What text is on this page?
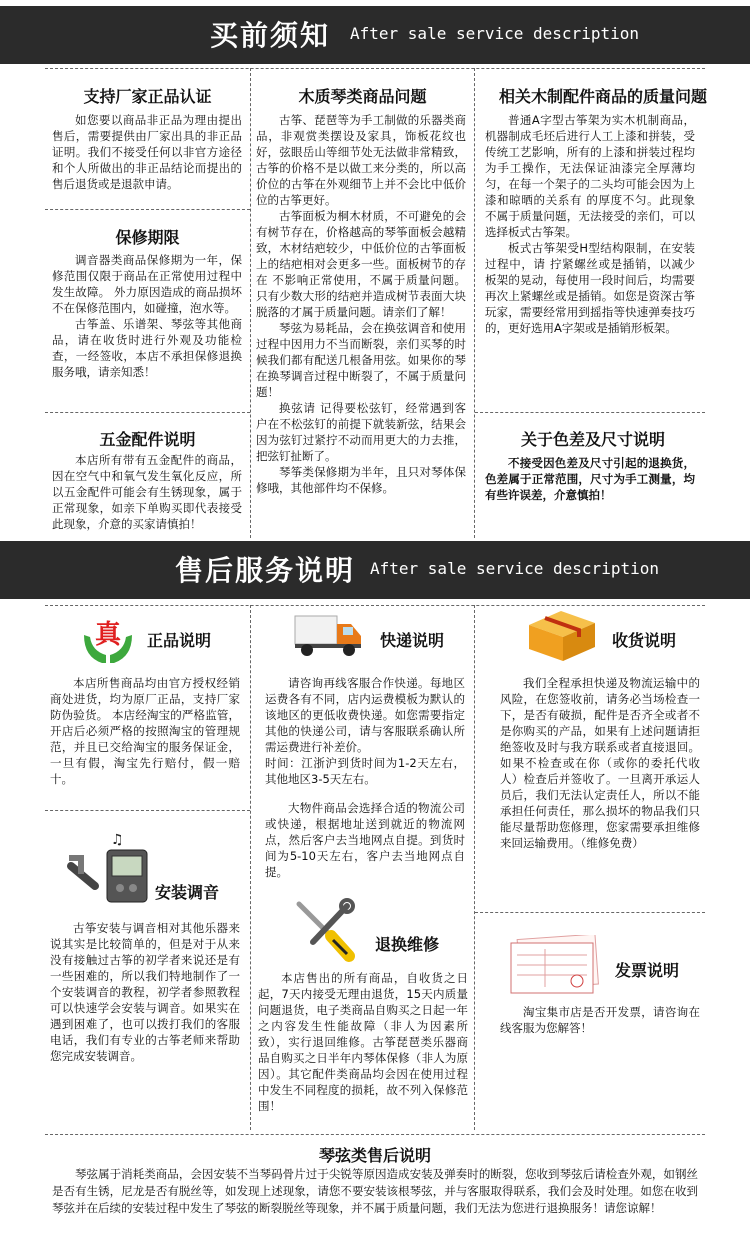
买前须知 After sale service description
支持厂家正品认证

如您要以商品非正品为理由提出售后，需要提供由厂家出具的非正品证明。我们不接受任何以非官方途径和个人所做出的非正品结论而提出的售后退货或是退款申请。

保修期限

调音器类商品保修期为一年，保修范围仅限于商品在正常使用过程中发生故障。 外力原因造成的商品损坏不在保修范围内，如碰撞，泡水等。

古筝盖、乐谱架、琴弦等其他商品，请在收货时进行外观及功能检查，一经签收，本店不承担保修退换服务哦，请亲知悉！

五金配件说明

本店所有带有五金配件的商品，因在空气中和氧气发生氧化反应，所以五金配件可能会有生锈现象，属于正常现象，如亲下单购买即代表接受此现象，介意的买家请慎拍！

木质琴类商品问题

古筝、琵琶等为手工制做的乐器类商品，非观赏类摆设及家具，饰板花纹也好，弦眼岳山等细节处无法做非常精致，古筝的价格不是以做工来分类的，所以高价位的古筝在外观细节上并不会比中低价位的古筝更好。

古筝面板为桐木材质，不可避免的会有树节存在，价格越高的琴筝面板会越精致，木材结疤较少，中低价位的古筝面板上的结疤相对会更多一些。面板树节的存在 不影响正常使用，不属于质量问题。只有少数大形的结疤并造成树节表面大块脱落的才属于质量问题。请亲们了解！

琴弦为易耗品，会在换弦调音和使用过程中因用力不当而断裂，亲们买琴的时候我们都有配送几根备用弦。如果你的琴在换琴调音过程中断裂了，不属于质量问题！

换弦请 记得要松弦钉，经常遇到客户在不松弦钉的前提下就装新弦，结果会因为弦钉过紧拧不动而用更大的力去推，把弦钉扯断了。

琴筝类保修期为半年，且只对琴体保修哦，其他部件均不保修。

相关木制配件商品的质量问题

普通A字型古筝架为实木机制商品，机器制成毛坯后进行人工上漆和拼装，受传统工艺影响，所有的上漆和拼装过程均为手工操作，无法保证油漆完全厚薄均匀，在每一个架子的二头均可能会因为上漆和晾晒的关系有 的厚度不匀。此现象不属于质量问题，无法接受的亲们，可以选择板式古筝架。

板式古筝架受H型结构限制，在安装过程中，请 拧紧螺丝或是插销，以减少板架的晃动，每使用一段时间后，均需要再次上紧螺丝或是插销。如您是资深古筝玩家，需要经常用到摇指等快速弹奏技巧的，更好选用A字架或是插销形板架。

关于色差及尺寸说明

不接受因色差及尺寸引起的退换货，色差属于正常范围，尺寸为手工测量，均有些许误差，介意慎拍！

售后服务说明 After sale service description
真 正品说明

本店所售商品均由官方授权经销商处进货，均为原厂正品，支持厂家防伪验货。 本店经淘宝的严格监管，开店后必须严格的按照淘宝的管理规范，并且已交给淘宝的服务保证金，一旦有假，淘宝先行赔付，假一赔十。

♫
安装调音

古筝安装与调音相对其他乐器来说其实是比较简单的，但是对于从来没有接触过古筝的初学者来说还是有一些困难的，所以我们特地制作了一个安装调音的教程，初学者参照教程可以快速学会安装与调音。如果实在遇到困难了，也可以拨打我们的客服电话，我们有专业的古筝老师来帮助您完成安装调音。

快递说明

请咨询再线客服合作快递。每地区运费各有不同，店内运费模板为默认的该地区的更低收费快递。如您需要指定其他的快递公司，请与客服联系确认所需运费进行补差价。

时间：江浙沪到货时间为1-2天左右，其他地区3-5天左右。

大物件商品会选择合适的物流公司或快递，根据地址送到就近的物流网点，然后客户去当地网点自提。到货时间为5-10天左右，客户去当地网点自提。

退换维修

本店售出的所有商品，自收货之日起，7天内接受无理由退货，15天内质量问题退货，电子类商品自购买之日起一年之内容发生性能故障（非人为因素所致），实行退回维修。古筝琵琶类乐器商品自购买之日半年内琴体保修（非人为原因）。其它配件类商品均会因在使用过程中发生不同程度的损耗，故不列入保修范围！

收货说明

我们全程承担快递及物流运输中的风险，在您签收前，请务必当场检查一下，是否有破损，配件是否齐全或者不是你购买的产品，如果有上述问题请拒绝签收及时与我方联系或者直接退回。如果不检查或在你（或你的委托代收人）检查后并签收了。一旦离开承运人员后，我们无法认定责任人，所以不能承担任何责任，那么损坏的物品我们只能尽量帮助您修理，您家需要承担维修来回运输费用。（维修免费）

发票说明

淘宝集市店是否开发票，请咨询在线客服为您解答！

琴弦类售后说明

琴弦属于消耗类商品，会因安装不当琴码骨片过于尖锐等原因造成安装及弹奏时的断裂，您收到琴弦后请检查外观，如钢丝是否有生锈，尼龙是否有脱丝等，如发现上述现象，请您不要安装该根琴弦，并与客服取得联系，我们会及时处理。如您在收到琴弦并在后续的安装过程中发生了琴弦的断裂脱丝等现象，并不属于质量问题，我们无法为您进行退换服务！请您谅解！
